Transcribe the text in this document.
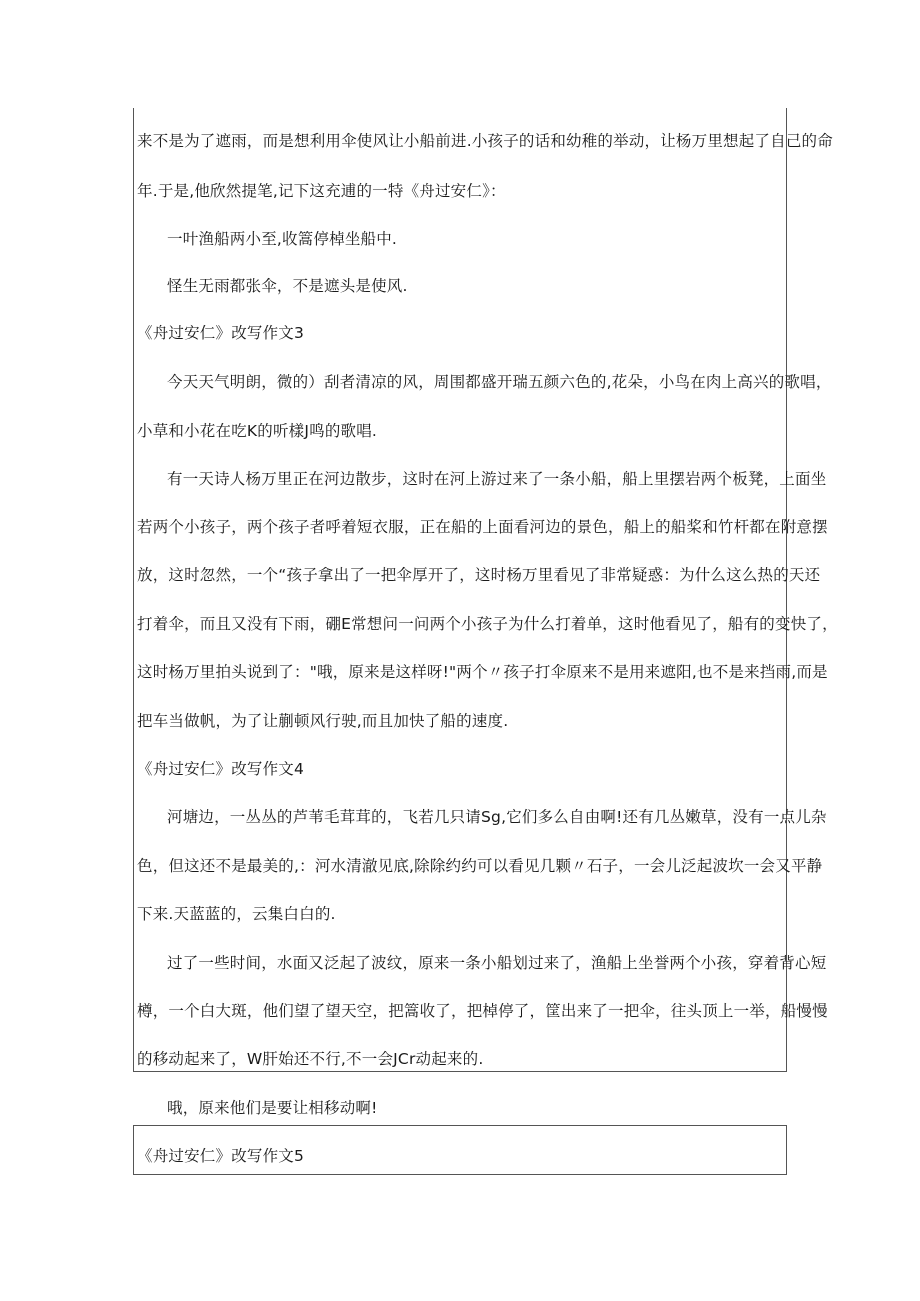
来不是为了遮雨，而是想利用伞使风让小船前进.小孩子的话和幼稚的举动，让杨万里想起了自己的命
年.于是,他欣然提笔,记下这充逋的一特《舟过安仁》：
一叶渔船两小至,收篙停棹坐船中.
怪生无雨都张伞，不是遮头是使风.
《舟过安仁》改写作文3
今天天气明朗，微的）刮者清凉的风，周围都盛开瑞五颜六色的,花朵，小鸟在肉上高兴的歌唱，
小草和小花在吃K的听樣J鸣的歌唱.
有一天诗人杨万里正在河边散步，这时在河上游过来了一条小船，船上里摆岩两个板凳，上面坐
若两个小孩子，两个孩子者呼着短衣服，正在船的上面看河边的景色，船上的船桨和竹杆都在附意摆
放，这时忽然，一个“孩子拿出了一把伞厚开了，这时杨万里看见了非常疑惑：为什么这么热的天还
打着伞，而且又没有下雨，硼E常想问一问两个小孩子为什么打着单，这时他看见了，船有的变快了，
这时杨万里拍头说到了："哦，原来是这样呀!"两个〃孩子打伞原来不是用来遮阳,也不是来挡雨,而是
把车当做帆，为了让蒯顿风行驶,而且加快了船的速度.
《舟过安仁》改写作文4
河塘边，一丛丛的芦苇毛茸茸的，飞若几只请Sg,它们多么自由啊!还有几丛嫩草，没有一点儿杂
色，但这还不是最美的,：河水清澈见底,除除约约可以看见几颗〃石子，一会儿泛起波坎一会又平静
下来.天蓝蓝的，云集白白的.
过了一些时间，水面又泛起了波纹，原来一条小船划过来了，渔船上坐誉两个小孩，穿着背心短
樽，一个白大斑，他们望了望天空，把篙收了，把棹停了，筐出来了一把伞，往头顶上一举，船慢慢
的移动起来了，W肝始还不行,不一会JCr动起来的.
哦，原来他们是要让相移动啊!
《舟过安仁》改写作文5
